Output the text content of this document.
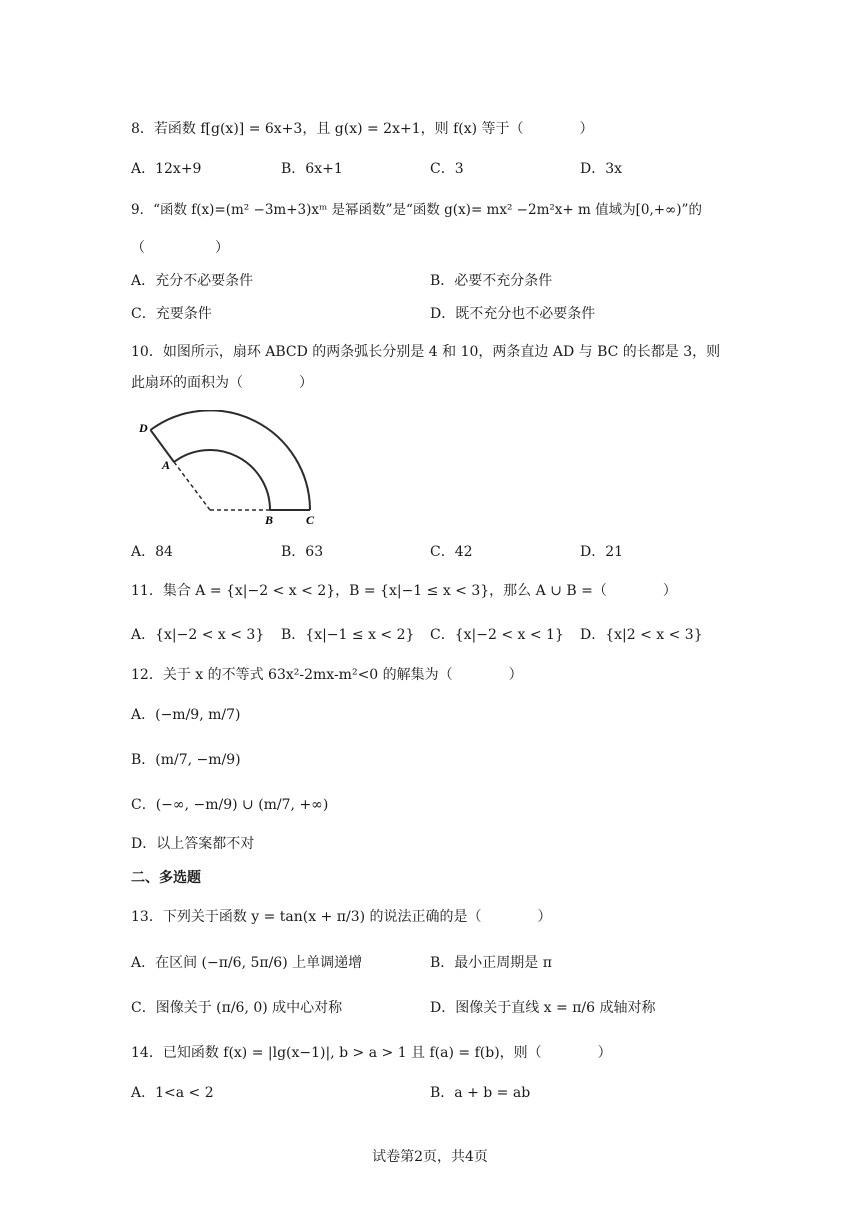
8．若函数 f[g(x)] = 6x+3，且 g(x) = 2x+1，则 f(x) 等于（　　　　）
A．12x+9	B．6x+1	C．3	D．3x
9．“函数 f(x)=(m² −3m+3)xᵐ 是幂函数”是“函数 g(x)= mx² −2m²x+ m 值域为[0,+∞)”的
（　　　　　）
A．充分不必要条件	B．必要不充分条件
C．充要条件	D．既不充分也不必要条件
10．如图所示，扇环 ABCD 的两条弧长分别是 4 和 10，两条直边 AD 与 BC 的长都是 3，则
此扇环的面积为（　　　　）
D
A
B	C
A．84	B．63	C．42	D．21
11．集合 A = {x|−2 < x < 2}，B = {x|−1 ≤ x < 3}，那么 A ∪ B =（　　　　）
A．{x|−2 < x < 3} B．{x|−1 ≤ x < 2} C．{x|−2 < x < 1} D．{x|2 < x < 3}
12．关于 x 的不等式 63x²-2mx-m²<0 的解集为（　　　　）
A．(−m/9, m/7)
B．(m/7, −m/9)
C．(−∞, −m/9) ∪ (m/7, +∞)
D．以上答案都不对
二、多选题
13．下列关于函数 y = tan(x + π/3) 的说法正确的是（　　　　）
A．在区间 (−π/6, 5π/6) 上单调递增	B．最小正周期是 π
C．图像关于 (π/6, 0) 成中心对称	D．图像关于直线 x = π/6 成轴对称
14．已知函数 f(x) = |lg(x−1)|, b > a > 1 且 f(a) = f(b)，则（　　　　）
A．1<a < 2	B．a + b = ab
试卷第2页，共4页
